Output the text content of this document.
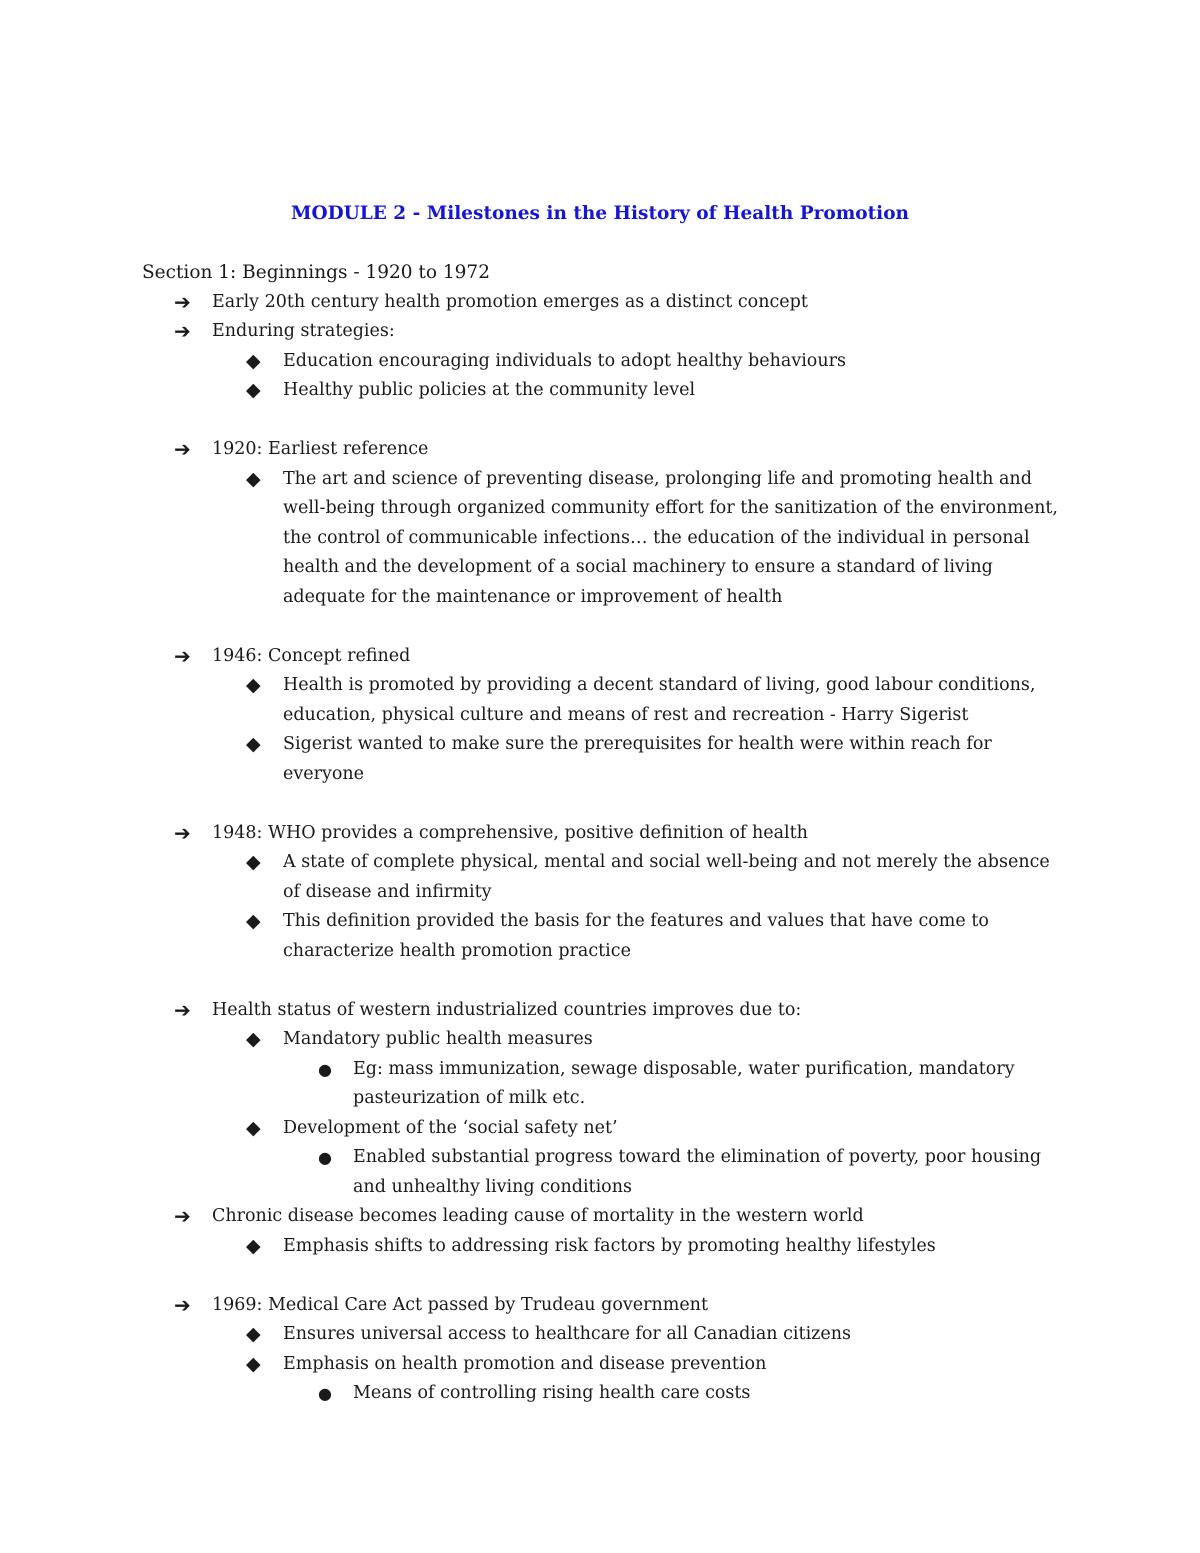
MODULE 2 - Milestones in the History of Health Promotion
Section 1: Beginnings - 1920 to 1972
➔ Early 20th century health promotion emerges as a distinct concept
➔ Enduring strategies:
◆ Education encouraging individuals to adopt healthy behaviours
◆ Healthy public policies at the community level
➔ 1920: Earliest reference
◆ The art and science of preventing disease, prolonging life and promoting health and well-being through organized community effort for the sanitization of the environment, the control of communicable infections… the education of the individual in personal health and the development of a social machinery to ensure a standard of living adequate for the maintenance or improvement of health
➔ 1946: Concept refined
◆ Health is promoted by providing a decent standard of living, good labour conditions, education, physical culture and means of rest and recreation - Harry Sigerist
◆ Sigerist wanted to make sure the prerequisites for health were within reach for everyone
➔ 1948: WHO provides a comprehensive, positive definition of health
◆ A state of complete physical, mental and social well-being and not merely the absence of disease and infirmity
◆ This definition provided the basis for the features and values that have come to characterize health promotion practice
➔ Health status of western industrialized countries improves due to:
◆ Mandatory public health measures
● Eg: mass immunization, sewage disposable, water purification, mandatory pasteurization of milk etc.
◆ Development of the ‘social safety net’
● Enabled substantial progress toward the elimination of poverty, poor housing and unhealthy living conditions
➔ Chronic disease becomes leading cause of mortality in the western world
◆ Emphasis shifts to addressing risk factors by promoting healthy lifestyles
➔ 1969: Medical Care Act passed by Trudeau government
◆ Ensures universal access to healthcare for all Canadian citizens
◆ Emphasis on health promotion and disease prevention
● Means of controlling rising health care costs
